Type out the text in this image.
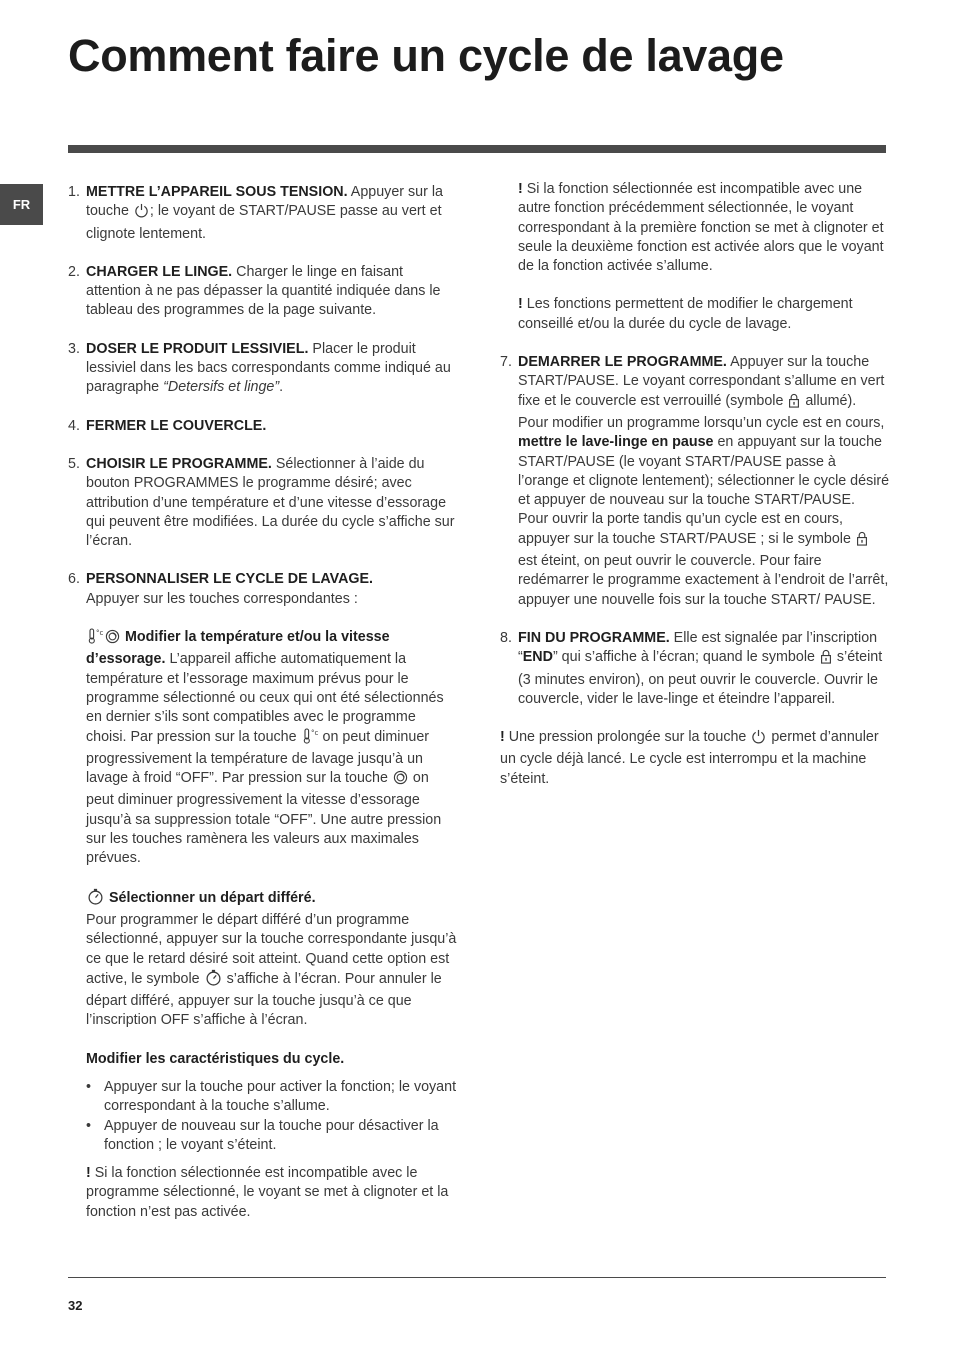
Comment faire un cycle de lavage
FR
1. METTRE L’APPAREIL SOUS TENSION. Appuyer sur la touche ; le voyant de START/PAUSE passe au vert et clignote lentement.
2. CHARGER LE LINGE. Charger le linge en faisant attention à ne pas dépasser la quantité indiquée dans le tableau des programmes de la page suivante.
3. DOSER LE PRODUIT LESSIVIEL. Placer le produit lessiviel dans les bacs correspondants comme indiqué au paragraphe “Detersifs et linge”.
4. FERMER LE COUVERCLE.
5. CHOISIR LE PROGRAMME. Sélectionner à l’aide du bouton PROGRAMMES le programme désiré; avec attribution d’une température et d’une vitesse d’essorage qui peuvent être modifiées. La durée du cycle s’affiche sur l’écran.
6. PERSONNALISER LE CYCLE DE LAVAGE.
Appuyer sur les touches correspondantes :
°c Modifier la température et/ou la vitesse d’essorage. L’appareil affiche automatiquement la température et l’essorage maximum prévus pour le programme sélectionné ou ceux qui ont été sélectionnés en dernier s’ils sont compatibles avec le programme choisi. Par pression sur la touche °c on peut diminuer progressivement la température de lavage jusqu’à un lavage à froid “OFF”. Par pression sur la touche  on peut diminuer progressivement la vitesse d’essorage jusqu’à sa suppression totale “OFF”. Une autre pression sur les touches ramènera les valeurs aux maximales prévues.
Sélectionner un départ différé.
Pour programmer le départ différé d’un programme sélectionné, appuyer sur la touche correspondante jusqu’à ce que le retard désiré soit atteint. Quand cette option est active, le symbole  s’affiche à l’écran. Pour annuler le départ différé, appuyer sur la touche jusqu’à ce que l’inscription OFF s’affiche à l’écran.
Modifier les caractéristiques du cycle.
• Appuyer sur la touche pour activer la fonction; le voyant correspondant à la touche s’allume.
• Appuyer de nouveau sur la touche pour désactiver la fonction ; le voyant s’éteint.
! Si la fonction sélectionnée est incompatible avec le programme sélectionné, le voyant se met à clignoter et la fonction n’est pas activée.
! Si la fonction sélectionnée est incompatible avec une autre fonction précédemment sélectionnée, le voyant correspondant à la première fonction se met à clignoter et seule la deuxième fonction est activée alors que le voyant de la fonction activée s’allume.
! Les fonctions permettent de modifier le chargement conseillé et/ou la durée du cycle de lavage.
7. DEMARRER LE PROGRAMME. Appuyer sur la touche START/PAUSE. Le voyant correspondant s’allume en vert fixe et le couvercle est verrouillé (symbole  allumé). Pour modifier un programme lorsqu’un cycle est en cours, mettre le lave-linge en pause en appuyant sur la touche START/PAUSE (le voyant START/PAUSE passe à l’orange et clignote lentement); sélectionner le cycle désiré et appuyer de nouveau sur la touche START/PAUSE.
Pour ouvrir la porte tandis qu’un cycle est en cours, appuyer sur la touche START/PAUSE ; si le symbole  est éteint, on peut ouvrir le couvercle. Pour faire redémarrer le programme exactement à l’endroit de l’arrêt, appuyer une nouvelle fois sur la touche START/ PAUSE.
8. FIN DU PROGRAMME. Elle est signalée par l’inscription “END” qui s’affiche à l’écran; quand le symbole  s’éteint (3 minutes environ), on peut ouvrir le couvercle. Ouvrir le couvercle, vider le lave-linge et éteindre l’appareil.
! Une pression prolongée sur la touche  permet d’annuler un cycle déjà lancé. Le cycle est interrompu et la machine s’éteint.
32
